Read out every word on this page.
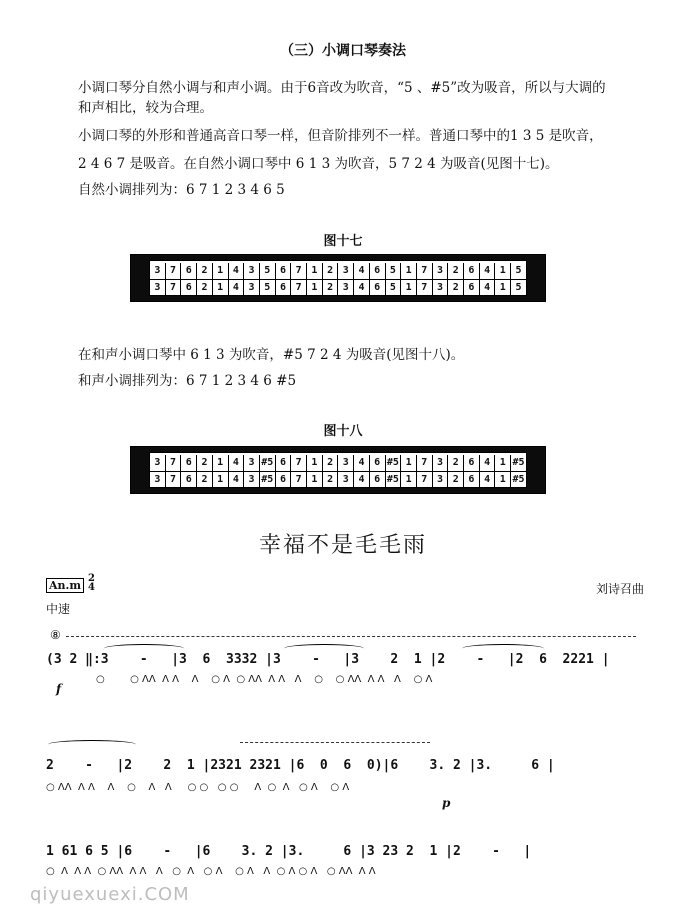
（三）小调口琴奏法
小调口琴分自然小调与和声小调。由于6音改为吹音，“5 、#5”改为吸音，所以与大调的
和声相比，较为合理。
小调口琴的外形和普通高音口琴一样，但音阶排列不一样。普通口琴中的1 3 5 是吹音，
2 4 6 7 是吸音。在自然小调口琴中 6 1 3 为吹音，5 7 2 4 为吸音(见图十七)。
自然小调排列为：6 7 1 2 3 4 6 5
图十七
3 7 6 2 1 4 3 5 6 7 1 2 3 4 6 5 1 7 3 2 6 4 1 5
3 7 6 2 1 4 3 5 6 7 1 2 3 4 6 5 1 7 3 2 6 4 1 5
在和声小调口琴中 6 1 3 为吹音，#5 7 2 4 为吸音(见图十八)。
和声小调排列为：6 7 1 2 3 4 6 #5
图十八
3 7 6 2 1 4 3 #5 6 7 1 2 3 4 6 #5 1 7 3 2 6 4 1 #5
3 7 6 2 1 4 3 #5 6 7 1 2 3 4 6 #5 1 7 3 2 6 4 1 #5
幸福不是毛毛雨
An.m
2
4	刘诗召曲
中速
⑧
(3 2 ‖:3    -   |3  6  3332 |3    -   |3    2  1 |2    -   |2  6  2221 |
○        ○ ΛΛ  Λ Λ    Λ    ○ Λ  ○ ΛΛ  Λ Λ   Λ    ○    ○ ΛΛ  Λ Λ   Λ    ○ Λ
f
2    -   |2    2  1 |2321 2321 |6  0  6  0)|6    3. 2 |3.     6 |
○ ΛΛ  Λ Λ    Λ    ○    Λ   Λ     ○ ○   ○ ○     Λ  ○  Λ   ○ Λ    ○ Λ
p
1 61 6 5 |6    -   |6    3. 2 |3.     6 |3 23 2  1 |2    -   |
○  Λ  Λ Λ  ○ ΛΛ  Λ Λ   Λ   ○  Λ   ○ Λ    ○ Λ   Λ  ○ Λ ○ Λ   ○ ΛΛ  Λ Λ
qiyuexuexi.COM
